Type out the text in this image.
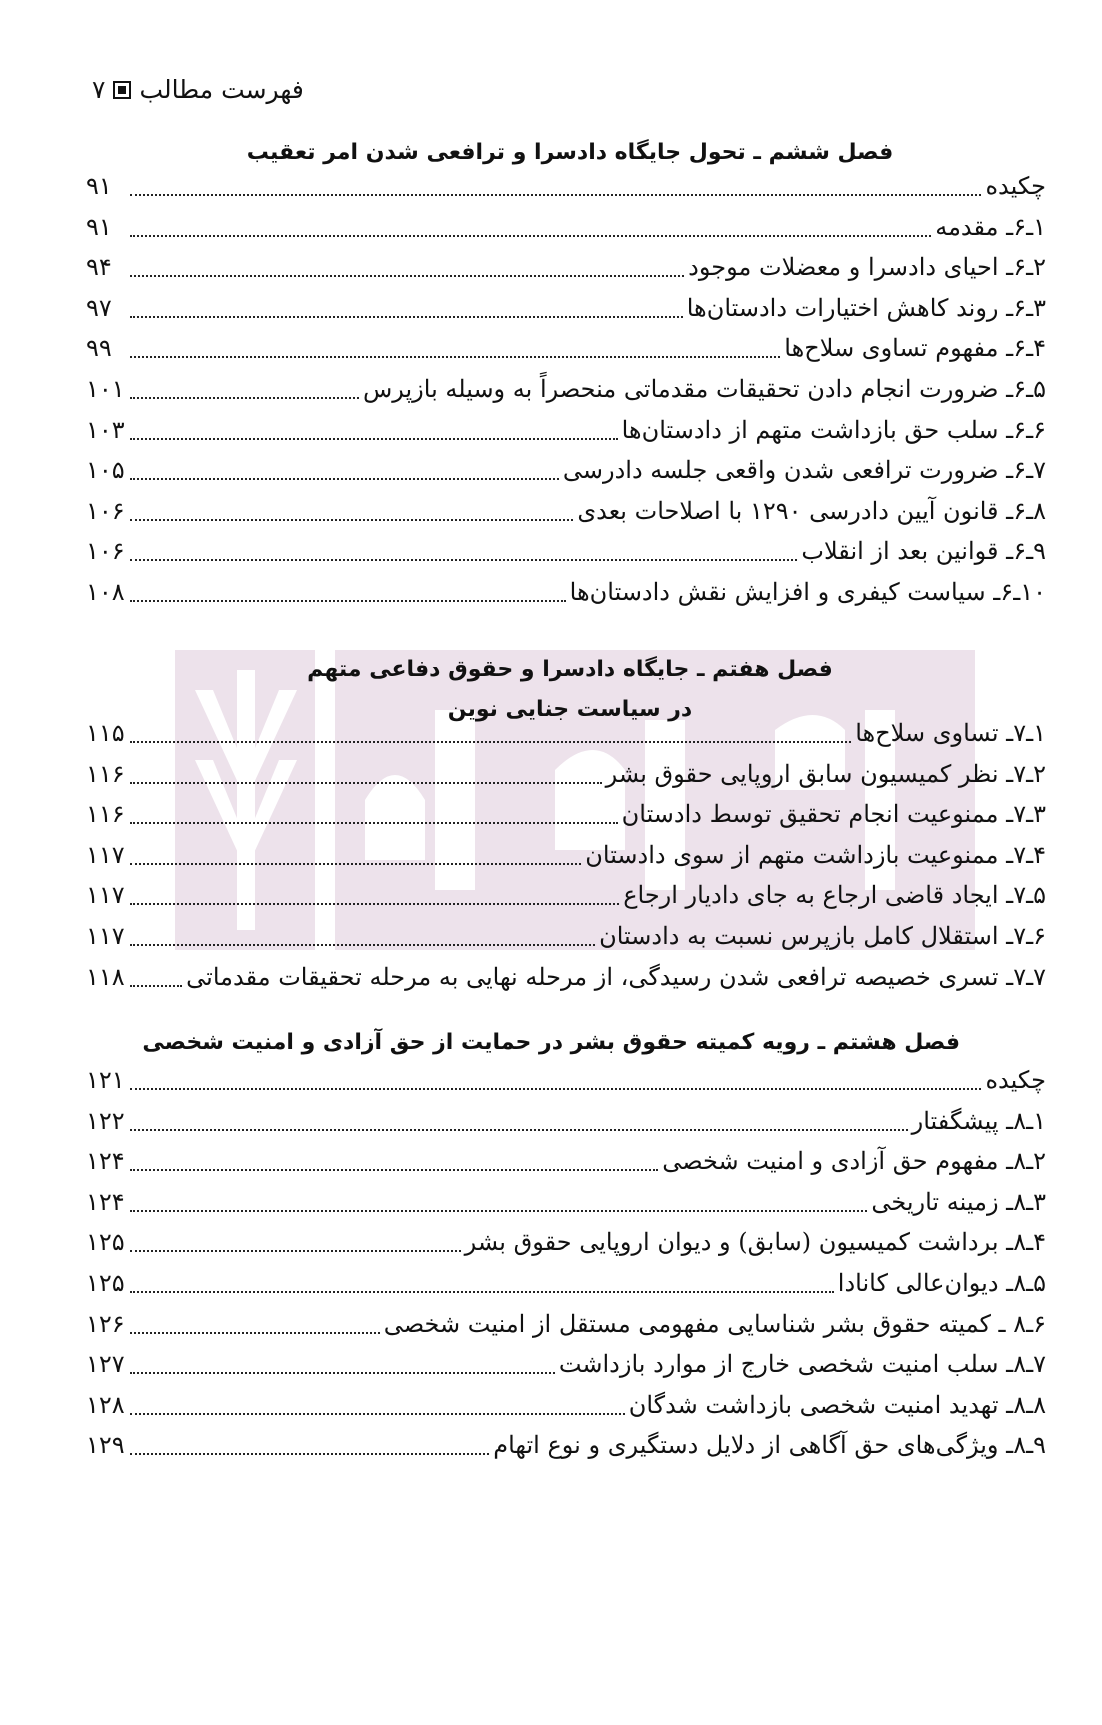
فهرست مطالب۷
فصل ششم ـ تحول جایگاه دادسرا و ترافعی شدن امر تعقیب
چکیده
۹۱
۱ـ۶ـ مقدمه
۹۱
۲ـ۶ـ احیای دادسرا و معضلات موجود
۹۴
۳ـ۶ـ روند کاهش اختیارات دادستان‌ها
۹۷
۴ـ۶ـ مفهوم تساوی سلاح‌ها
۹۹
۵ـ۶ـ ضرورت انجام دادن تحقیقات مقدماتی منحصراً به وسیله بازپرس
۱۰۱
۶ـ۶ـ سلب حق بازداشت متهم از دادستان‌ها
۱۰۳
۷ـ۶ـ ضرورت ترافعی شدن واقعی جلسه دادرسی
۱۰۵
۸ـ۶ـ قانون آیین دادرسی ۱۲۹۰ با اصلاحات بعدی
۱۰۶
۹ـ۶ـ قوانین بعد از انقلاب
۱۰۶
۱۰ـ۶ـ سیاست کیفری و افزایش نقش دادستان‌ها
۱۰۸
فصل هفتم ـ جایگاه دادسرا و حقوق دفاعی متهم
در سیاست جنایی نوین
۱ـ۷ـ تساوی سلاح‌ها
۱۱۵
۲ـ۷ـ نظر کمیسیون سابق اروپایی حقوق بشر
۱۱۶
۳ـ۷ـ ممنوعیت انجام تحقیق توسط دادستان
۱۱۶
۴ـ۷ـ ممنوعیت بازداشت متهم از سوی دادستان
۱۱۷
۵ـ۷ـ ایجاد قاضی ارجاع به جای دادیار ارجاع
۱۱۷
۶ـ۷ـ استقلال کامل بازپرس نسبت به دادستان
۱۱۷
۷ـ۷ـ تسری خصیصه ترافعی شدن رسیدگی، از مرحله نهایی به مرحله تحقیقات مقدماتی
۱۱۸
فصل هشتم ـ رویه کمیته حقوق بشر در حمایت از حق آزادی و امنیت شخصی
چکیده
۱۲۱
۱ـ۸ـ پیشگفتار
۱۲۲
۲ـ۸ـ مفهوم حق آزادی و امنیت شخصی
۱۲۴
۳ـ۸ـ زمینه تاریخی
۱۲۴
۴ـ۸ـ برداشت کمیسیون (سابق) و دیوان اروپایی حقوق بشر
۱۲۵
۵ـ۸ـ دیوان‌عالی کانادا
۱۲۵
۶ـ۸ ـ کمیته حقوق بشر شناسایی مفهومی مستقل از امنیت شخصی
۱۲۶
۷ـ۸ـ سلب امنیت شخصی خارج از موارد بازداشت
۱۲۷
۸ـ۸ـ تهدید امنیت شخصی بازداشت شدگان
۱۲۸
۹ـ۸ـ ویژگی‌های حق آگاهی از دلایل دستگیری و نوع اتهام
۱۲۹
